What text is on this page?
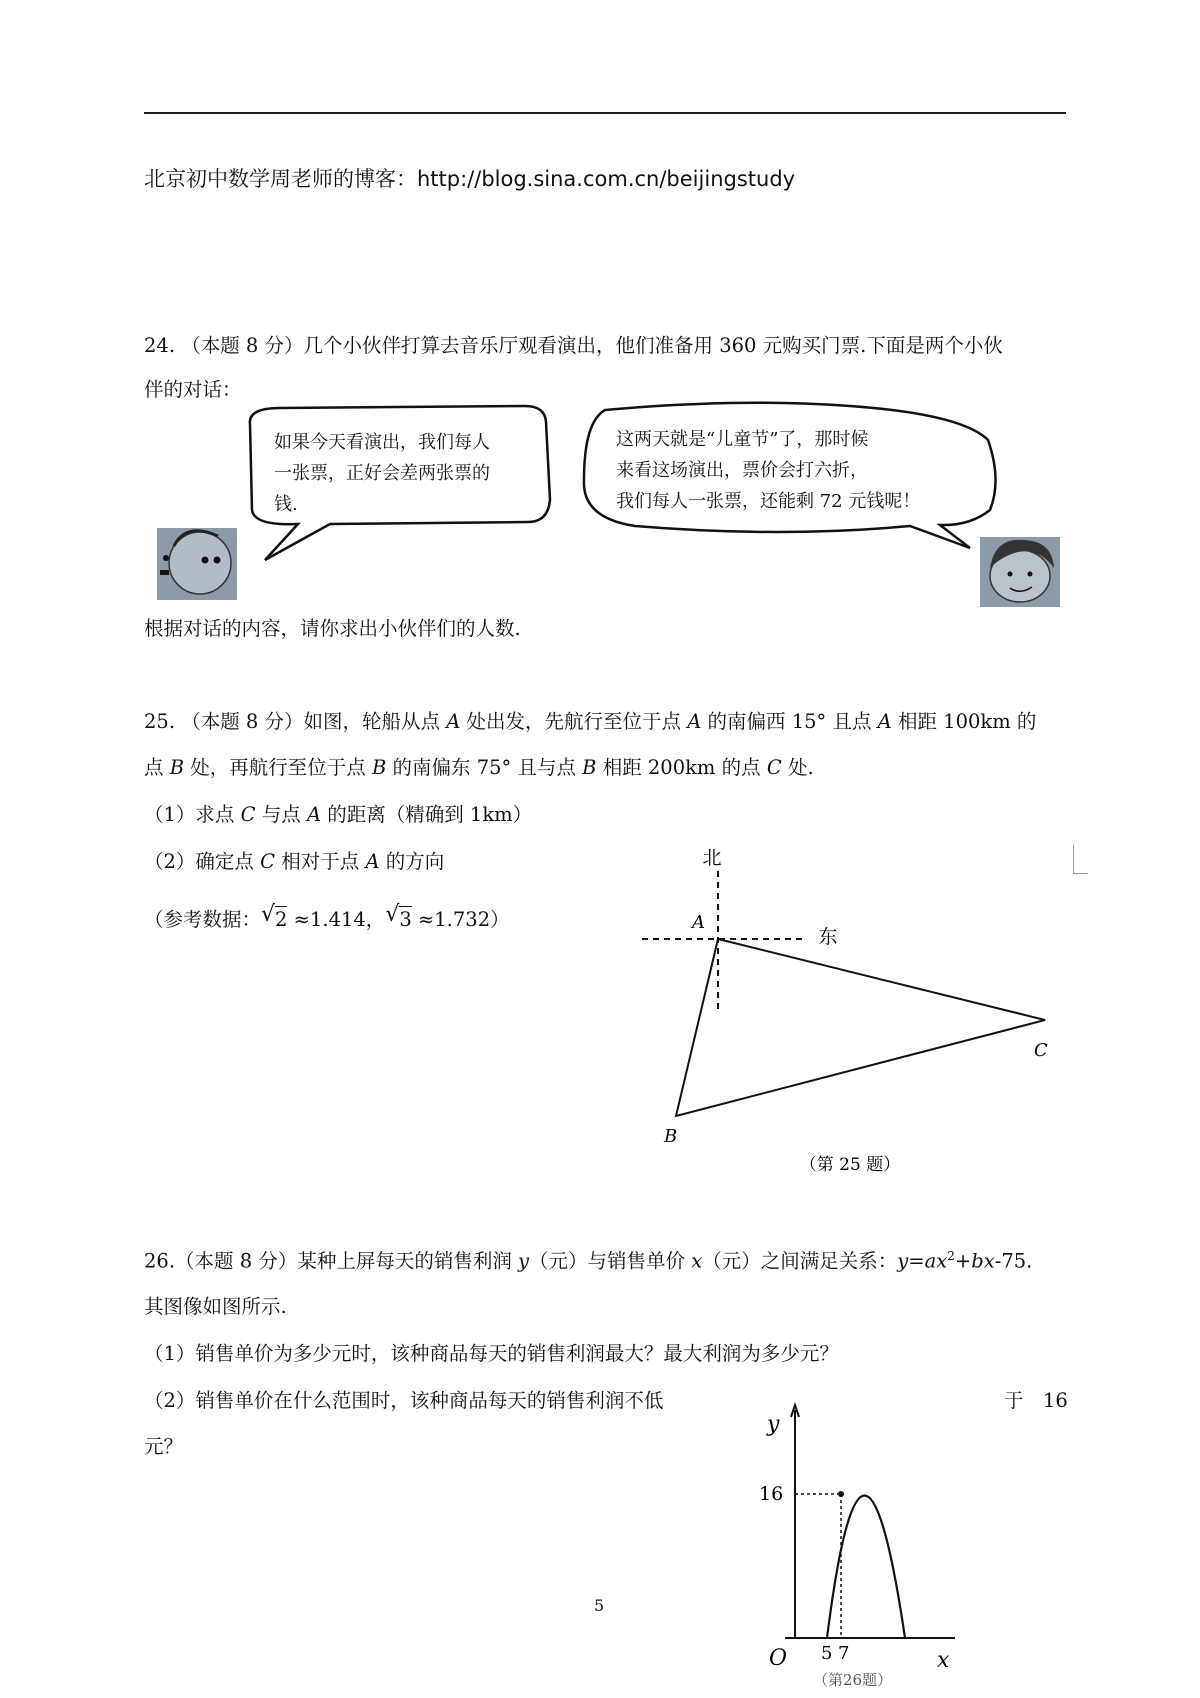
北京初中数学周老师的博客：http://blog.sina.com.cn/beijingstudy
24. （本题 8 分）几个小伙伴打算去音乐厅观看演出，他们准备用 360 元购买门票.下面是两个小伙
伴的对话：
如果今天看演出，我们每人
一张票，正好会差两张票的
钱.
这两天就是“儿童节”了，那时候
来看这场演出，票价会打六折，
我们每人一张票，还能剩 72 元钱呢！
根据对话的内容，请你求出小伙伴们的人数.
25. （本题 8 分）如图，轮船从点 A 处出发，先航行至位于点 A 的南偏西 15° 且点 A 相距 100km 的
点 B 处，再航行至位于点 B 的南偏东 75° 且与点 B 相距 200km 的点 C 处.
（1）求点 C 与点 A 的距离（精确到 1km）
（2）确定点 C 相对于点 A 的方向
（参考数据： √ 2 ≈1.414， √ 3 ≈1.732）
北
东
A
C
B
（第 25 题）
26.（本题 8 分）某种上屏每天的销售利润 y（元）与销售单价 x（元）之间满足关系：$y=ax^2+bx-75$.
其图像如图所示.
（1）销售单价为多少元时，该种商品每天的销售利润最大？最大利润为多少元？
（2）销售单价在什么范围时，该种商品每天的销售利润不低	于　16
元？
y
16
O 5 7	x
（第26题）
5
